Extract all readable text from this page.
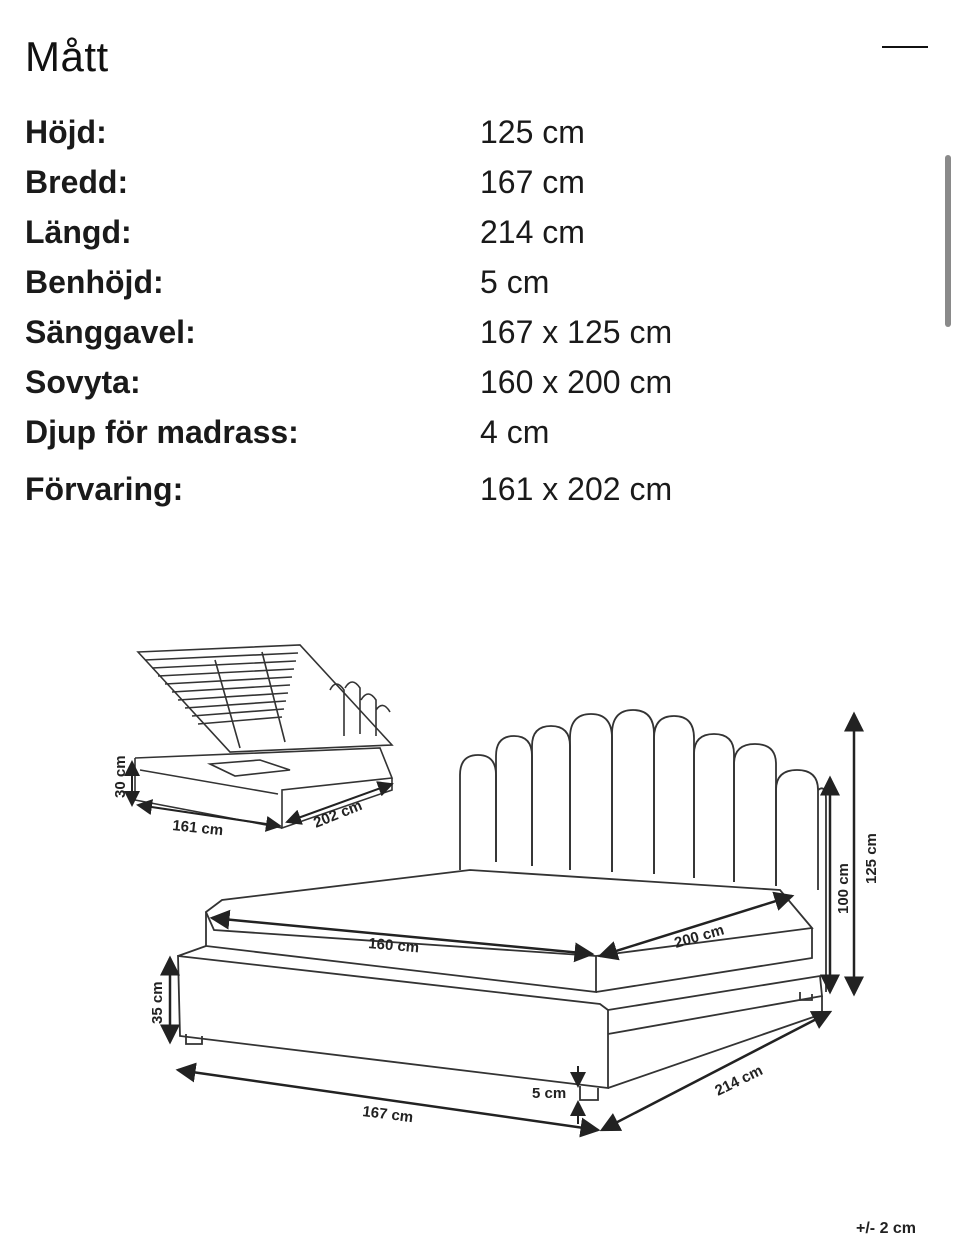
Mått
Höjd:	125 cm
Bredd:	167 cm
Längd:	214 cm
Benhöjd:	5 cm
Sänggavel:	167 x 125 cm
Sovyta:	160 x 200 cm
Djup för madrass:	4 cm
Förvaring:	161 x 202 cm
30 cm
161 cm	202 cm
160 cm	200 cm
35 cm
100 cm
125 cm
5 cm
167 cm
214 cm
+/- 2 cm
